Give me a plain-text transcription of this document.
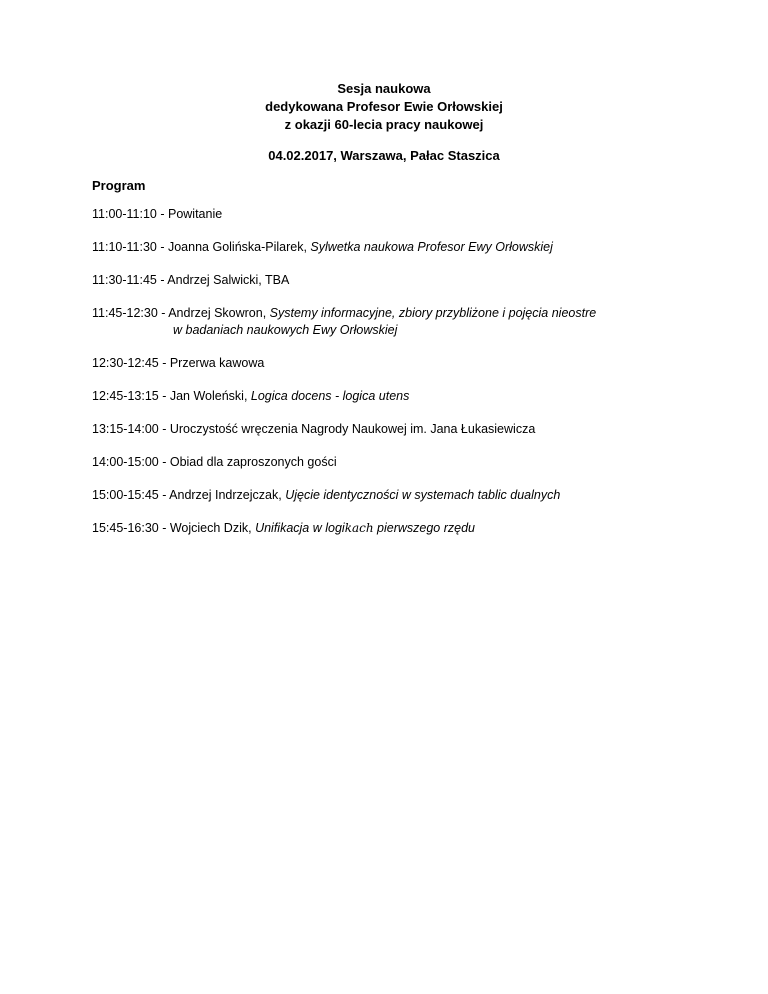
Sesja naukowa
dedykowana Profesor Ewie Orłowskiej
z okazji 60-lecia pracy naukowej
04.02.2017, Warszawa, Pałac Staszica
Program
11:00-11:10 - Powitanie
11:10-11:30 - Joanna Golińska-Pilarek, Sylwetka naukowa Profesor Ewy Orłowskiej
11:30-11:45 - Andrzej Salwicki, TBA
11:45-12:30 - Andrzej Skowron, Systemy informacyjne, zbiory przybliżone i pojęcia nieostre
w badaniach naukowych Ewy Orłowskiej
12:30-12:45 - Przerwa kawowa
12:45-13:15 - Jan Woleński, Logica docens - logica utens
13:15-14:00 - Uroczystość wręczenia Nagrody Naukowej im. Jana Łukasiewicza
14:00-15:00 - Obiad dla zaproszonych gości
15:00-15:45 - Andrzej Indrzejczak, Ujęcie identyczności w systemach tablic dualnych
15:45-16:30 - Wojciech Dzik, Unifikacja w logikach pierwszego rzędu
